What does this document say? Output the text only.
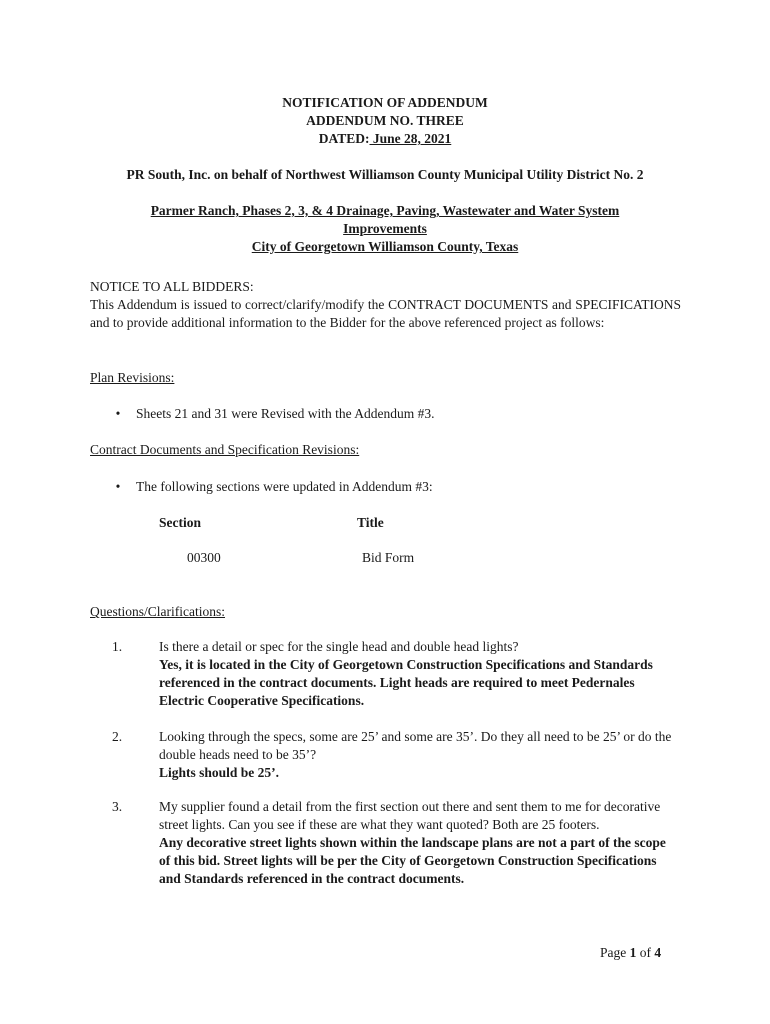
NOTIFICATION OF ADDENDUM
ADDENDUM NO. THREE
DATED: June 28, 2021
PR South, Inc. on behalf of Northwest Williamson County Municipal Utility District No. 2
Parmer Ranch, Phases 2, 3, & 4 Drainage, Paving, Wastewater and Water System
Improvements
City of Georgetown Williamson County, Texas
NOTICE TO ALL BIDDERS:
This Addendum is issued to correct/clarify/modify the CONTRACT DOCUMENTS and SPECIFICATIONS and to provide additional information to the Bidder for the above referenced project as follows:
Plan Revisions:
• Sheets 21 and 31 were Revised with the Addendum #3.
Contract Documents and Specification Revisions:
• The following sections were updated in Addendum #3:
Section	Title
00300	Bid Form
Questions/Clarifications:
1.	Is there a detail or spec for the single head and double head lights?
Yes, it is located in the City of Georgetown Construction Specifications and Standards referenced in the contract documents. Light heads are required to meet Pedernales Electric Cooperative Specifications.
2.	Looking through the specs, some are 25’ and some are 35’. Do they all need to be 25’ or do the double heads need to be 35’?
Lights should be 25’.
3.	My supplier found a detail from the first section out there and sent them to me for decorative street lights. Can you see if these are what they want quoted? Both are 25 footers.
Any decorative street lights shown within the landscape plans are not a part of the scope of this bid. Street lights will be per the City of Georgetown Construction Specifications and Standards referenced in the contract documents.
Page 1 of 4
